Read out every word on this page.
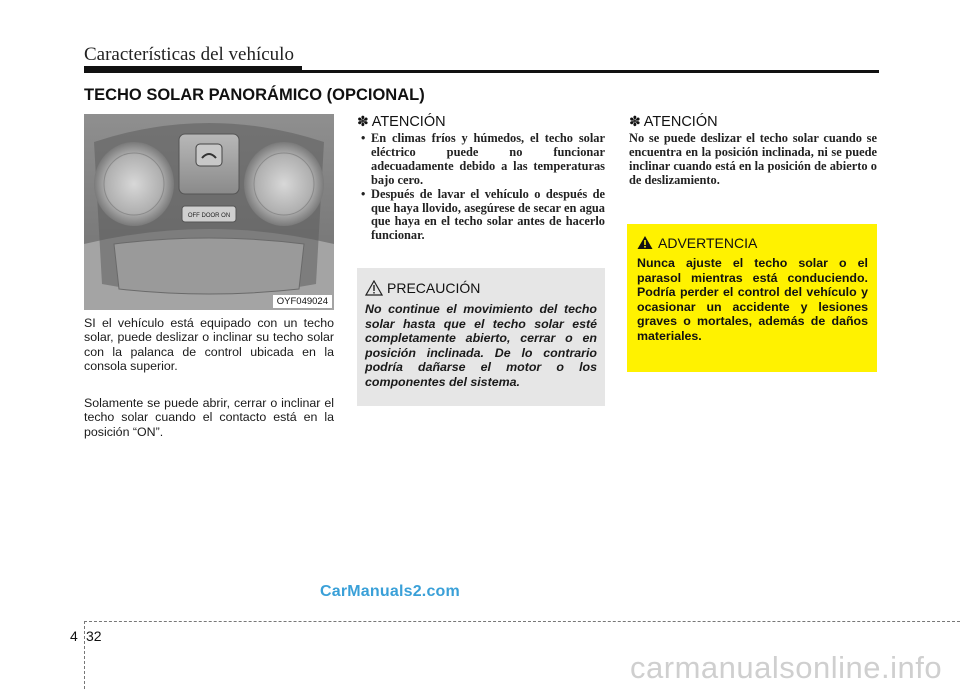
Características del vehículo
TECHO SOLAR PANORÁMICO (OPCIONAL)
OFF DOOR ON
OYF049024
SI el vehículo está equipado con un techo solar, puede deslizar o inclinar su techo solar con la palanca de control ubicada en la consola superior.
Solamente se puede abrir, cerrar o inclinar el techo solar cuando el contacto está en la posición “ON”.
✽ ATENCIÓN
• En climas fríos y húmedos, el techo solar eléctrico puede no funcionar adecuadamente debido a las temperaturas bajo cero.
• Después de lavar el vehículo o después de que haya llovido, asegúrese de secar en agua que haya en el techo solar antes de hacerlo funcionar.
PRECAUCIÓN
No continue el movimiento del techo solar hasta que el techo solar esté completamente abierto, cerrar o en posición inclinada. De lo contrario podría dañarse el motor o los componentes del sistema.
✽ ATENCIÓN
No se puede deslizar el techo solar cuando se encuentra en la posición inclinada, ni se puede inclinar cuando está en la posición de abierto o de deslizamiento.
ADVERTENCIA
Nunca ajuste el techo solar o el parasol mientras está conduciendo. Podría perder el control del vehículo y ocasionar un accidente y lesiones graves o mortales, además de daños materiales.
CarManuals2.com
4 32
carmanualsonline.info
